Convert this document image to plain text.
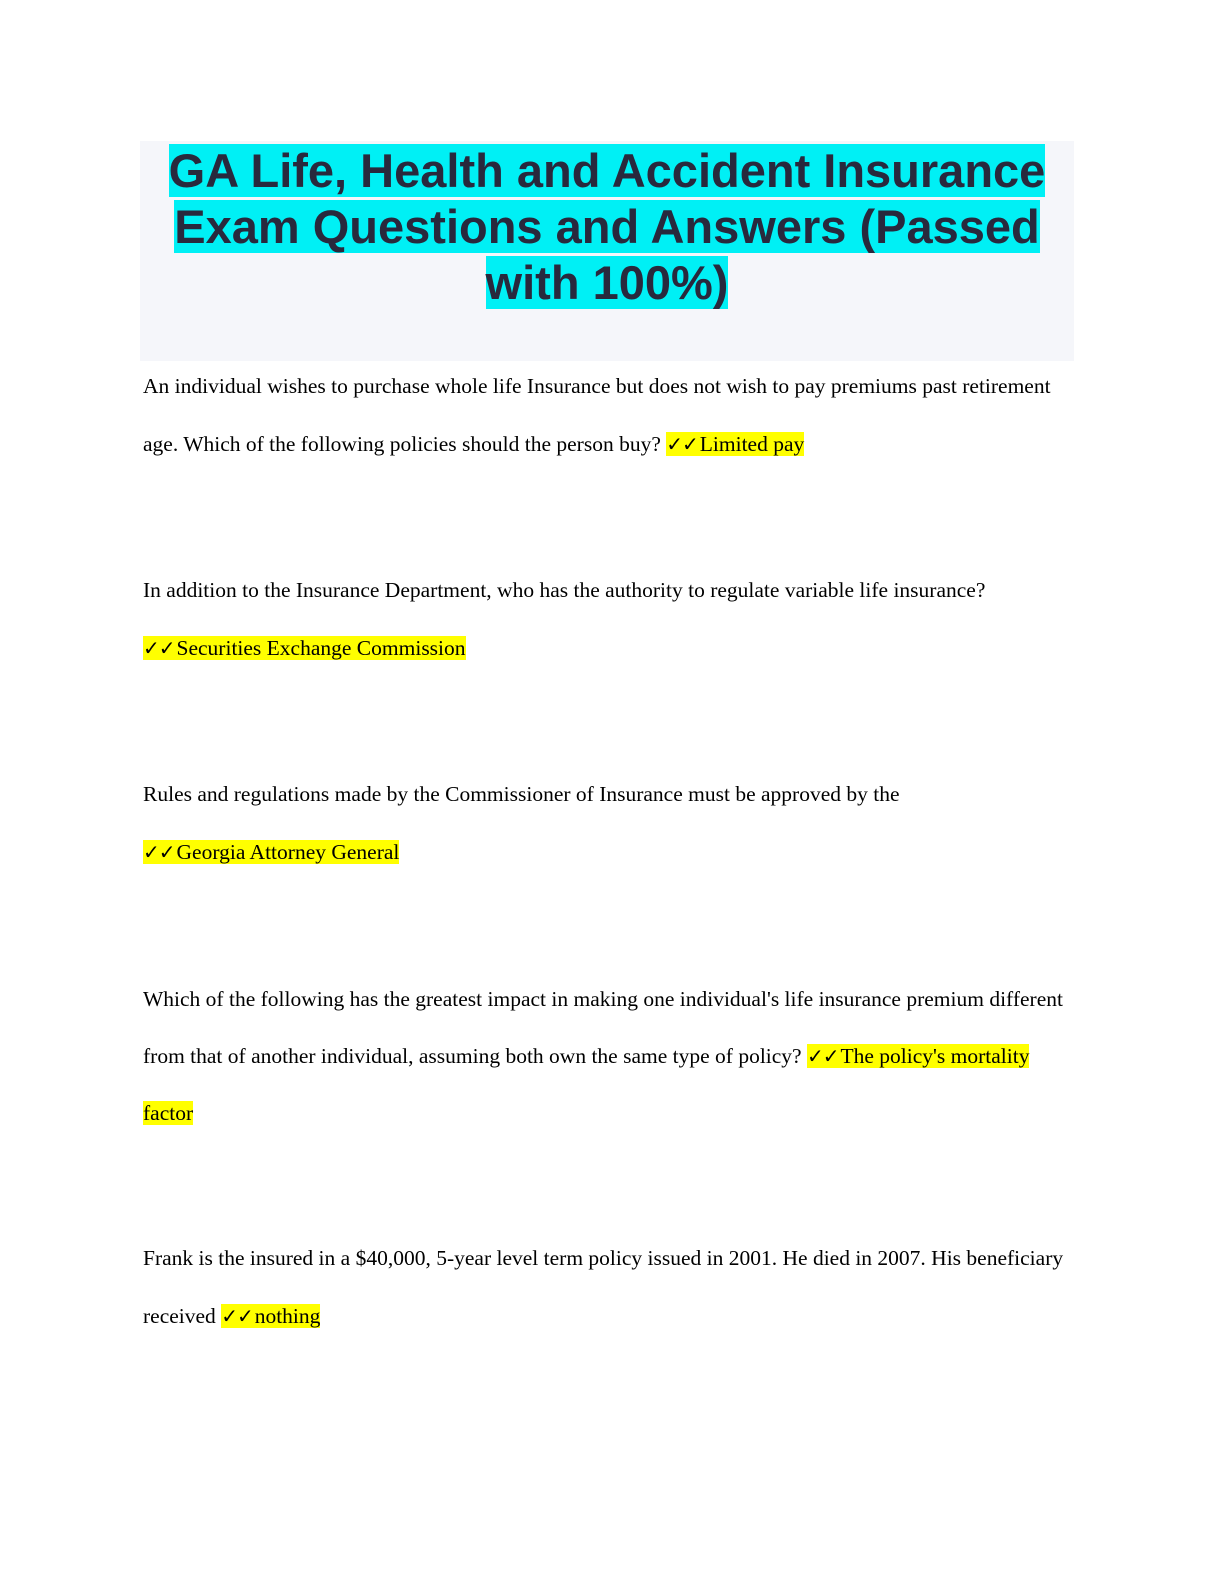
GA Life, Health and Accident Insurance Exam Questions and Answers (Passed with 100%)

An individual wishes to purchase whole life Insurance but does not wish to pay premiums past retirement age. Which of the following policies should the person buy? ✓✓Limited pay

In addition to the Insurance Department, who has the authority to regulate variable life insurance? ✓✓Securities Exchange Commission

Rules and regulations made by the Commissioner of Insurance must be approved by the
✓✓Georgia Attorney General

Which of the following has the greatest impact in making one individual's life insurance premium different from that of another individual, assuming both own the same type of policy? ✓✓The policy's mortality factor

Frank is the insured in a $40,000, 5-year level term policy issued in 2001. He died in 2007. His beneficiary received ✓✓nothing
